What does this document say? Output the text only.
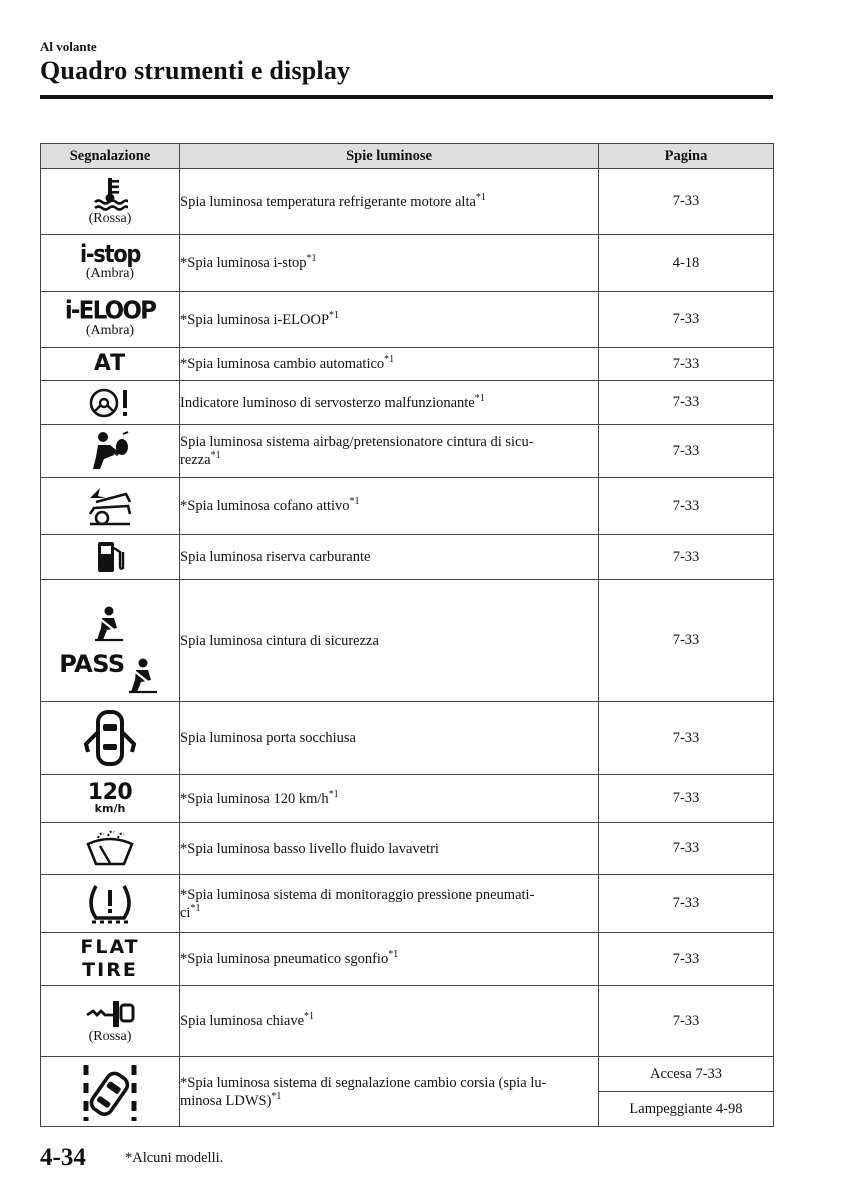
Al volante
Quadro strumenti e display
Segnalazione	Spie luminose	Pagina

(Rossa)	Spia luminosa temperatura refrigerante motore alta$^{*1}$	7-33
i-stop
(Ambra)	*Spia luminosa i-stop$^{*1}$	4-18
i-ELOOP
(Ambra)	*Spia luminosa i-ELOOP$^{*1}$	7-33
AT	*Spia luminosa cambio automatico$^{*1}$	7-33

	Indicatore luminoso di servosterzo malfunzionante$^{*1}$	7-33

	Spia luminosa sistema airbag/pretensionatore cintura di sicu-
rezza$^{*1}$	7-33

	*Spia luminosa cofano attivo$^{*1}$	7-33

	Spia luminosa riserva carburante	7-33

PASS	Spia luminosa cintura di sicurezza	7-33

	Spia luminosa porta socchiusa	7-33

120
km/h	*Spia luminosa 120 $km/h^{*1}$	7-33

	*Spia luminosa basso livello fluido lavavetri	7-33

	*Spia luminosa sistema di monitoraggio pressione pneumati-
$ci^{*1}$	7-33

FLAT
TIRE	*Spia luminosa pneumatico sgonfio$^{*1}$	7-33

(Rossa)	Spia luminosa chiave$^{*1}$	7-33

	*Spia luminosa sistema di segnalazione cambio corsia (spia lu-
minosa LDWS)$^{*1}$	Accesa 7-33
		Lampeggiante 4-98
4-34	*Alcuni modelli.
